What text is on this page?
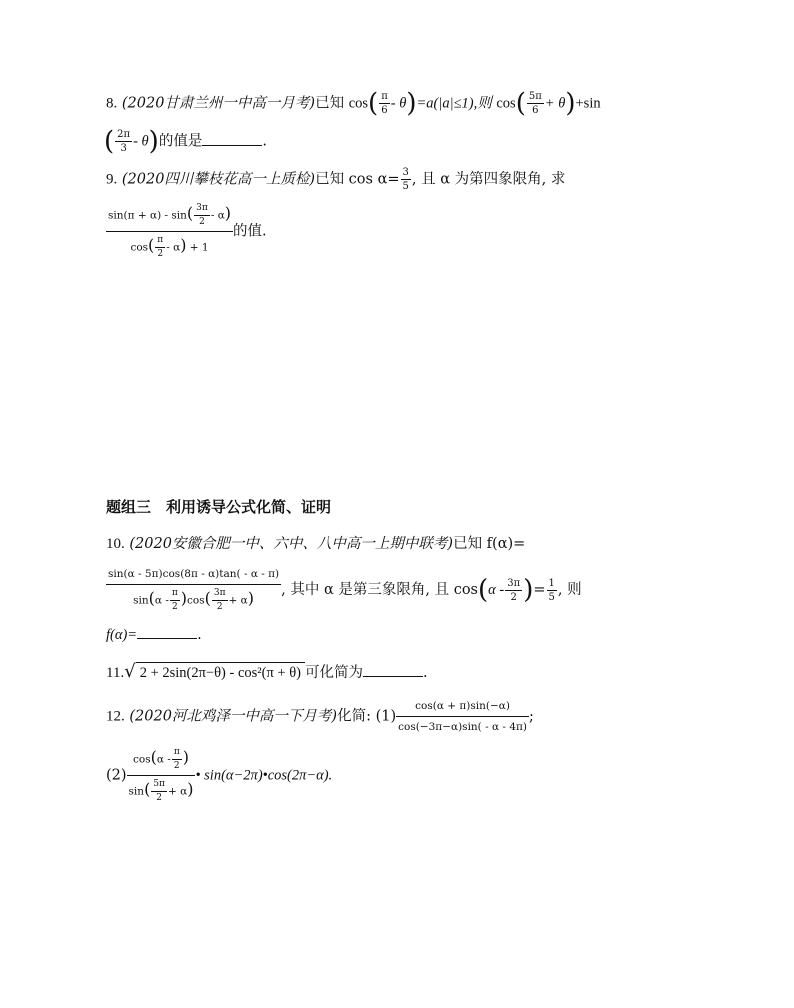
8. (2020甘肃兰州一中高一月考)已知 $\cos( \frac{\pi}{6} - \theta)=a(|a|\le 1)$,则 $\cos( \frac{5\pi}{6} + \theta)+\sin$
( $\frac{2\pi}{3} - \theta$)的值是	.
9. (2020四川攀枝花高一上质检)已知 $\cos \alpha= \frac{3}{5}$ , 且 α 为第四象限角, 求
$\frac{\sin(\pi + \alpha) - \sin( \frac{3\pi}{2} - \alpha)}{\cos( \frac{\pi}{2} - \alpha) + 1}$ 的值.
题组三　利用诱导公式化简、证明
10. (2020安徽合肥一中、六中、八中高一上期中联考)已知 f(α)=
$\frac{\sin(\alpha - 5\pi)\cos(8\pi - \alpha)\tan( - \alpha - \pi)}{\sin(\alpha - \frac{\pi}{2} )\cos( \frac{3\pi}{2} + \alpha)}$ , 其中 α 是第三象限角, 且 $\cos(\alpha - \frac{3\pi}{2}$ )= $\frac{1}{5}$ , 则
f(α)=	.
11.√ 2 + 2sin(2π−θ) - cos²(π + θ) 可化简为	.
12. (2020河北鸡泽一中高一下月考)化简: $(1) \frac{\cos(\alpha + \pi)\sin(-\alpha)}{\cos(-3\pi-\alpha)\sin( - \alpha - 4\pi)}$ ;
$(2) \frac{\cos(\alpha - \frac{\pi}{2} )}{\sin( \frac{5\pi}{2} + \alpha)}$ • sin(α−2π)•cos(2π−α).
